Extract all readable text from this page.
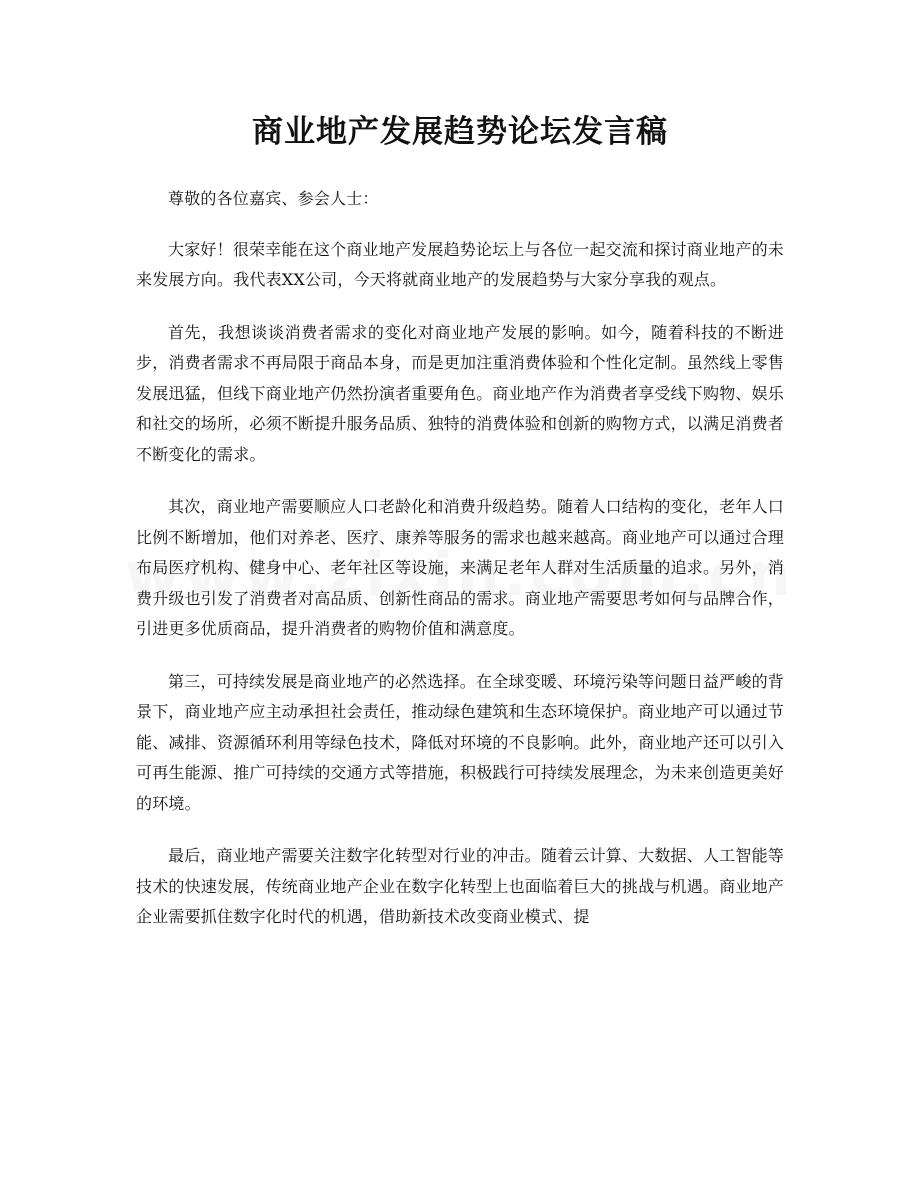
商业地产发展趋势论坛发言稿

尊敬的各位嘉宾、参会人士：

大家好！很荣幸能在这个商业地产发展趋势论坛上与各位一起交流和探讨商业地产的未来发展方向。我代表XX公司，今天将就商业地产的发展趋势与大家分享我的观点。

首先，我想谈谈消费者需求的变化对商业地产发展的影响。如今，随着科技的不断进步，消费者需求不再局限于商品本身，而是更加注重消费体验和个性化定制。虽然线上零售发展迅猛，但线下商业地产仍然扮演者重要角色。商业地产作为消费者享受线下购物、娱乐和社交的场所，必须不断提升服务品质、独特的消费体验和创新的购物方式，以满足消费者不断变化的需求。

其次，商业地产需要顺应人口老龄化和消费升级趋势。随着人口结构的变化，老年人口比例不断增加，他们对养老、医疗、康养等服务的需求也越来越高。商业地产可以通过合理布局医疗机构、健身中心、老年社区等设施，来满足老年人群对生活质量的追求。另外，消费升级也引发了消费者对高品质、创新性商品的需求。商业地产需要思考如何与品牌合作，引进更多优质商品，提升消费者的购物价值和满意度。

第三，可持续发展是商业地产的必然选择。在全球变暖、环境污染等问题日益严峻的背景下，商业地产应主动承担社会责任，推动绿色建筑和生态环境保护。商业地产可以通过节能、减排、资源循环利用等绿色技术，降低对环境的不良影响。此外，商业地产还可以引入可再生能源、推广可持续的交通方式等措施，积极践行可持续发展理念，为未来创造更美好的环境。

最后，商业地产需要关注数字化转型对行业的冲击。随着云计算、大数据、人工智能等技术的快速发展，传统商业地产企业在数字化转型上也面临着巨大的挑战与机遇。商业地产企业需要抓住数字化时代的机遇，借助新技术改变商业模式、提
